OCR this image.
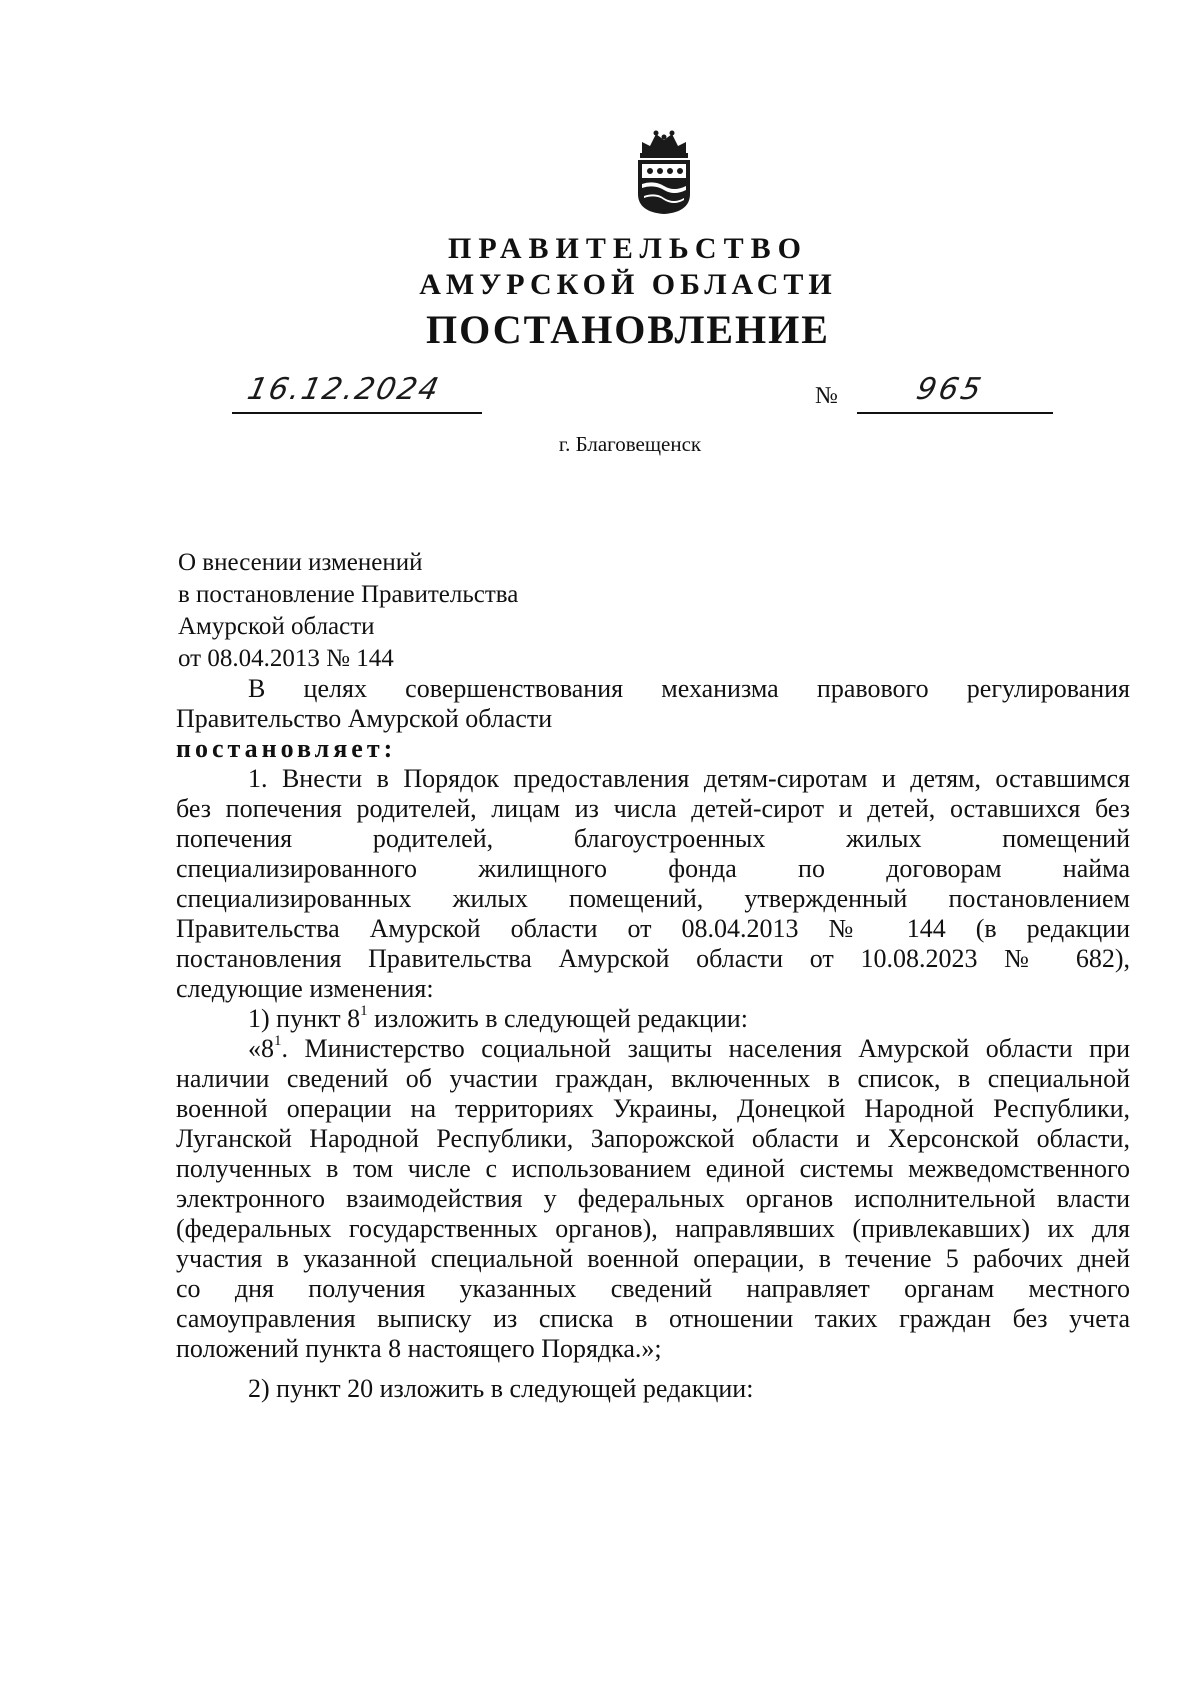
ПРАВИТЕЛЬСТВО
АМУРСКОЙ ОБЛАСТИ
ПОСТАНОВЛЕНИЕ
16.12.2024	№	965
г. Благовещенск
О внесении изменений
в постановление Правительства
Амурской области
от 08.04.2013 № 144
В целях совершенствования механизма правового регулирования
Правительство Амурской области
постановляет:
1. Внести в Порядок предоставления детям-сиротам и детям, оставшимся
без попечения родителей, лицам из числа детей-сирот и детей, оставшихся без
попечения родителей, благоустроенных жилых помещений
специализированного жилищного фонда по договорам найма
специализированных жилых помещений, утвержденный постановлением
Правительства Амурской области от 08.04.2013 № 144 (в редакции
постановления Правительства Амурской области от 10.08.2023 № 682),
следующие изменения:
1) пункт $8^1$ изложить в следующей редакции:
«$8^1$. Министерство социальной защиты населения Амурской области при
наличии сведений об участии граждан, включенных в список, в специальной
военной операции на территориях Украины, Донецкой Народной Республики,
Луганской Народной Республики, Запорожской области и Херсонской области,
полученных в том числе с использованием единой системы межведомственного
электронного взаимодействия у федеральных органов исполнительной власти
(федеральных государственных органов), направлявших (привлекавших) их для
участия в указанной специальной военной операции, в течение 5 рабочих дней
со дня получения указанных сведений направляет органам местного
самоуправления выписку из списка в отношении таких граждан без учета
положений пункта 8 настоящего Порядка.»;
2) пункт 20 изложить в следующей редакции:
